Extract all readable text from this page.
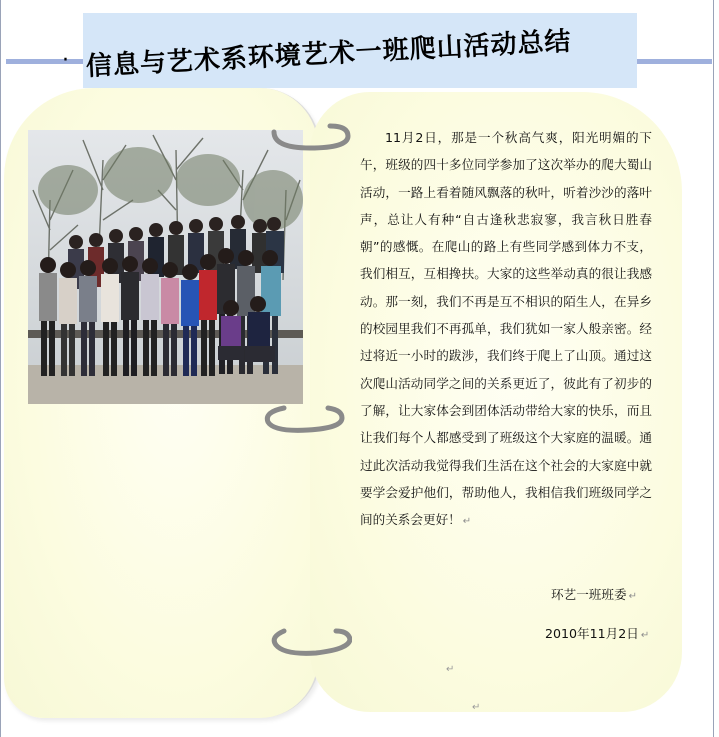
· 信息与艺术系环境艺术一班爬山活动总结
11月2日，那是一个秋高气爽，阳光明媚的下午，班级的四十多位同学参加了这次举办的爬大蜀山活动，一路上看着随风飘落的秋叶，听着沙沙的落叶声，总让人有种“自古逢秋悲寂寥，我言秋日胜春朝”的感慨。在爬山的路上有些同学感到体力不支，我们相互，互相搀扶。大家的这些举动真的很让我感动。那一刻，我们不再是互不相识的陌生人，在异乡的校园里我们不再孤单，我们犹如一家人般亲密。经过将近一小时的跋涉，我们终于爬上了山顶。通过这次爬山活动同学之间的关系更近了，彼此有了初步的了解，让大家体会到团体活动带给大家的快乐，而且让我们每个人都感受到了班级这个大家庭的温暖。通过此次活动我觉得我们生活在这个社会的大家庭中就要学会爱护他们，帮助他人，我相信我们班级同学之间的关系会更好！ ↵
环艺一班班委 ↵
2010年11月2日 ↵
↵
↵
